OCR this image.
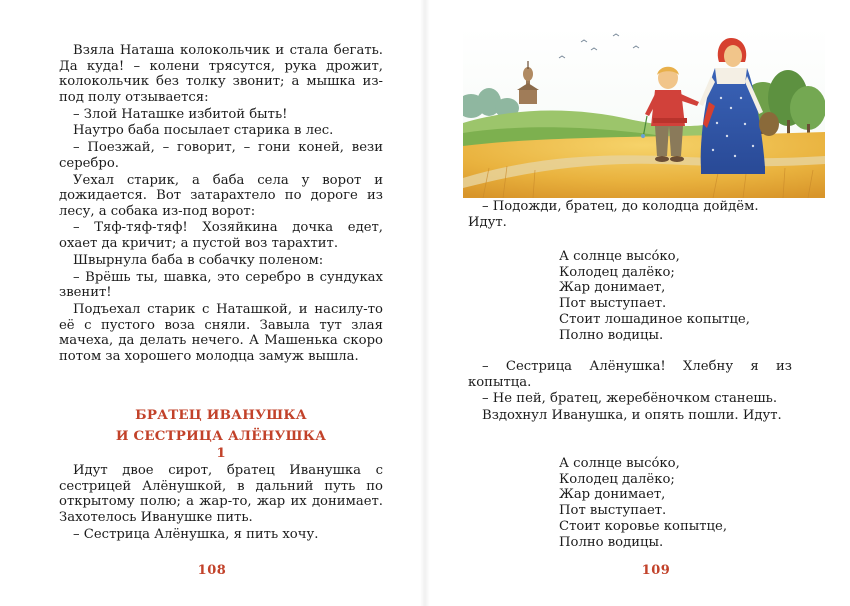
Взяла Наташа колокольчик и стала бегать. Да куда! – колени трясутся, рука дрожит, колокольчик без толку звонит; а мышка из-под полу отзывается:

– Злой Наташке избитой быть!

Наутро баба посылает старика в лес.

– Поезжай, – говорит, – гони коней, вези серебро.

Уехал старик, а баба села у ворот и дожидается. Вот затарахтело по дороге из лесу, а собака из-под ворот:

– Тяф-тяф-тяф! Хозяйкина дочка едет, охает да кричит; а пустой воз тарахтит.

Швырнула баба в собачку поленом:

– Врёшь ты, шавка, это серебро в сундуках звенит!

Подъехал старик с Наташкой, и насилу-то её с пустого воза сняли. Завыла тут злая мачеха, да делать нечего. А Машенька скоро потом за хорошего молодца замуж вышла.

БРАТЕЦ ИВАНУШКА
И СЕСТРИЦА АЛЁНУШКА
1

Идут двое сирот, братец Иванушка с сестрицей Алёнушкой, в дальний путь по открытому полю; а жар-то, жар их донимает. Захотелось Иванушке пить.

– Сестрица Алёнушка, я пить хочу.

108

– Подожди, братец, до колодца дойдём. Идут.

А солнце высо́ко,
Колодец далёко;
Жар донимает,
Пот выступает.
Стоит лошадиное копытце,
Полно водицы.

– Сестрица Алёнушка! Хлебну я из копытца.

– Не пей, братец, жеребёночком станешь.

Вздохнул Иванушка, и опять пошли. Идут.

А солнце высо́ко,
Колодец далёко;
Жар донимает,
Пот выступает.
Стоит коровье копытце,
Полно водицы.
109
